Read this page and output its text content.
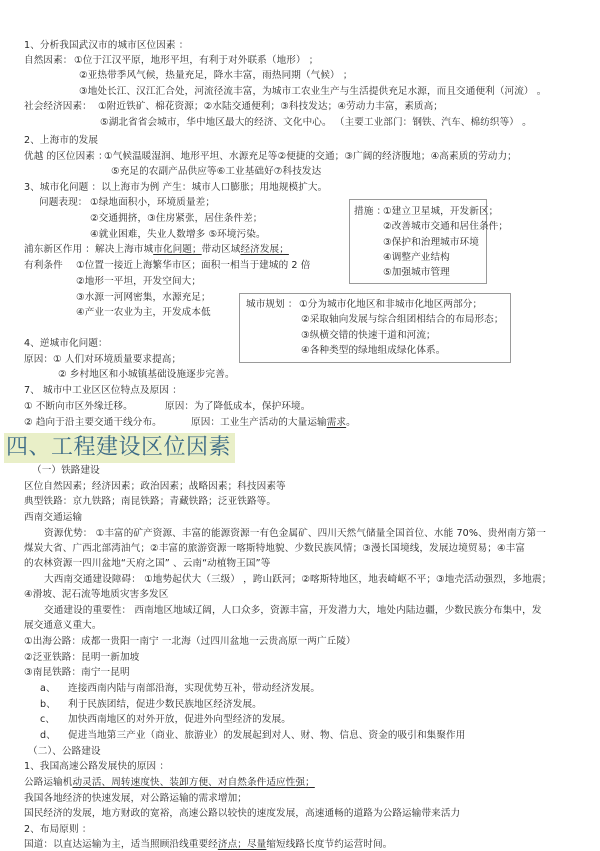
1、分析我国武汉市的城市区位因素 ：
自然因素： ①位于江汉平原，地形平坦，有利于对外联系（地形） ；
②亚热带季风气候，热量充足，降水丰富，雨热同期（气候） ；
③地处长江、汉江汇合处，河流径流丰富，为城市工农业生产与生活提供充足水源，而且交通便利（河流） 。
社会经济因素： ①附近铁矿、棉花资源；②水陆交通便利；③科技发达；④劳动力丰富，素质高；
⑤湖北省省会城市，华中地区最大的经济、文化中心。 （主要工业部门：钢铁、汽车、棉纺织等） 。
2、上海市的发展
优越 的区位因素 ：
①气候温暖湿润、地形平坦、水源充足等②便捷的交通；③广阔的经济腹地；④高素质的劳动力；
⑤充足的农副产品供应等⑥工业基础好⑦科技发达
3、城市化问题 ：以上海市为例 产生：城市人口膨胀；用地规模扩大。
问题表现： ①绿地面积小，环境质量差；
②交通拥挤，③住房紧张，居住条件差；
④就业困难，失业人数增多 ⑤环境污染。
浦东新区作用 ：解决上海市城市化问题；带动区域经济发展；
有利条件 ①位置一接近上海繁华市区；面积一相当于建城的 2 倍
②地形一平坦，开发空间大；
③水源一河网密集，水源充足；
④产业一农业为主，开发成本低
措施 ：
①建立卫星城，开发新区；
②改善城市交通和居住条件；
③保护和治理城市环境
④调整产业结构
⑤加强城市管理
城市规划 ： ①分为城市化地区和非城市化地区两部分；
②采取轴向发展与综合组团相结合的布局形态；
③纵横交错的快速干道和河流；
④各种类型的绿地组成绿化体系。
4、逆城市化问题：
原因： ① 人们对环境质量要求提高；
② 乡村地区和小城镇基础设施逐步完善。
7、 城市中工业区区位特点及原因 ：
① 不断向市区外缘迁移。	原因：为了降低成本，保护环境。
② 趋向于沿主要交通干线分布。	原因：工业生产活动的大量运输需求。
四、工程建设区位因素
（一）铁路建设
区位自然因素；经济因素；政治因素；战略因素；科技因素等
典型铁路：京九铁路；南昆铁路；青藏铁路；泛亚铁路等。
西南交通运输
资源优势： ①丰富的矿产资源、丰富的能源资源一有色金属矿、四川天然气储量全国首位、水能 70%、贵州南方第一
煤炭大省、广西北部湾油气；②丰富的旅游资源一喀斯特地貌、少数民族风情；③漫长国境线，发展边境贸易；④丰富
的农林资源一四川盆地“天府之国” 、云南“动植物王国”等
大西南交通建设障碍： ①地势起伏大（三级） ，跨山跃河；②喀斯特地区，地表崎岖不平；③地壳活动强烈，多地震；
④滑坡、泥石流等地质灾害多发区
交通建设的重要性： 西南地区地域辽阔，人口众多，资源丰富，开发潜力大，地处内陆边疆，少数民族分布集中，发
展交通意义重大。
①出海公路：成都一贵阳一南宁 一北海（过四川盆地一云贵高原一两广丘陵）
②泛亚铁路：昆明一新加坡
③南昆铁路：南宁一昆明
a、 连接西南内陆与南部沿海，实现优势互补，带动经济发展。
b、 利于民族团结，促进少数民族地区经济发展。
c、 加快西南地区的对外开放，促进外向型经济的发展。
d、 促进当地第三产业（商业、旅游业）的发展起到对人、财、物、信息、资金的吸引和集聚作用
（二）、公路建设
1、我国高速公路发展快的原因 ：
公路运输机动灵活、周转速度快、装卸方便、对自然条件适应性强；
我国各地经济的快速发展，对公路运输的需求增加；
国民经济的发展，地方财政的宽裕，高速公路以较快的速度发展，高速通畅的道路为公路运输带来活力
2、布局原则 ：
国道：以直达运输为主，适当照顾沿线重要经济点；尽量缩短线路长度节约运营时间。
